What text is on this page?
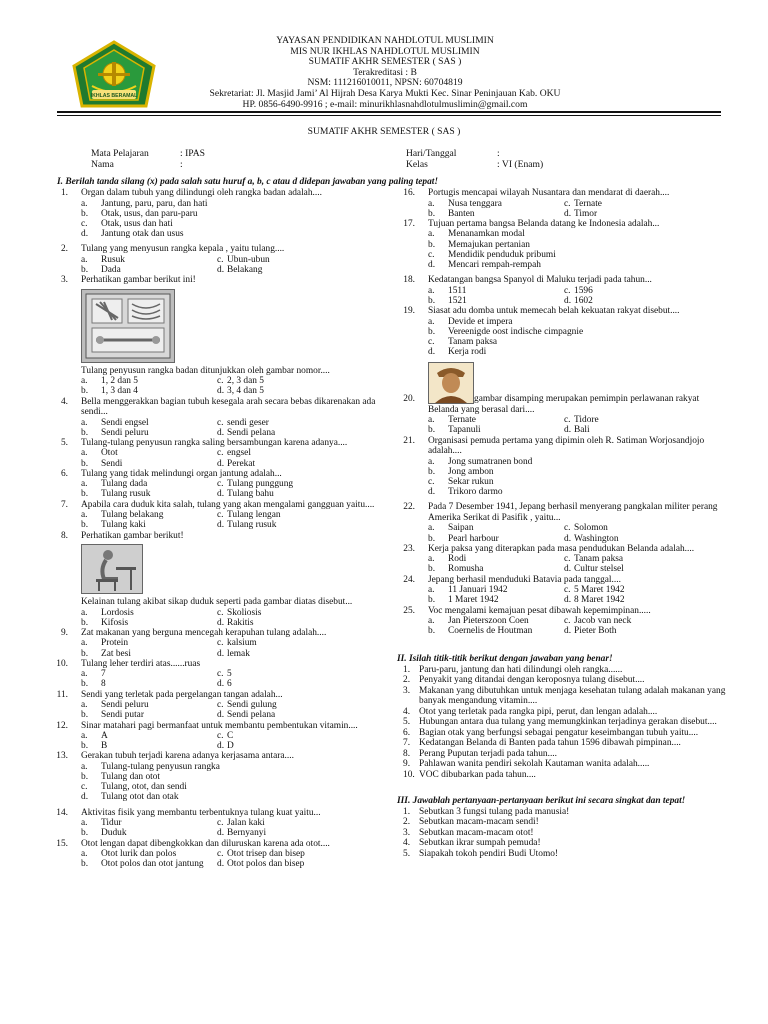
IKHLAS BERAMAL
YAYASAN PENDIDIKAN NAHDLOTUL MUSLIMIN
MIS NUR IKHLAS NAHDLOTUL MUSLIMIN
SUMATIF AKHR SEMESTER ( SAS )
Terakreditasi : B
NSM: 111216010011, NPSN: 60704819
Sekretariat: Jl. Masjid Jami’ Al Hijrah Desa Karya Mukti Kec. Sinar Peninjauan Kab. OKU
HP. 0856-6490-9916 ; e-mail: minurikhlasnahdlotulmuslimin@gmail.com
SUMATIF AKHR SEMESTER ( SAS )
Mata Pelajaran	: IPAS
Nama	:
Hari/Tanggal	:
Kelas	: VI (Enam)
I. Berilah tanda silang (x) pada salah satu huruf a, b, c atau d didepan jawaban yang paling tepat!
1. Organ dalam tubuh yang dilindungi oleh rangka badan adalah....
a. Jantung, paru, paru, dan hati
b. Otak, usus, dan paru-paru
c. Otak, usus dan hati
d. Jantung otak dan usus
2. Tulang yang menyusun rangka kepala , yaitu tulang....
a. Rusuk	c. Ubun-ubun
b. Dada	d. Belakang
3. Perhatikan gambar berikut ini!
Tulang penyusun rangka badan ditunjukkan oleh gambar nomor....
a. 1, 2 dan 5	c. 2, 3 dan 5
b. 1, 3 dan 4	d. 3, 4 dan 5
4. Bella menggerakkan bagian tubuh kesegala arah secara bebas dikarenakan ada sendi...
a. Sendi engsel	c. sendi geser
b. Sendi peluru	d. Sendi pelana
5. Tulang-tulang penyusun rangka saling bersambungan karena adanya....
a. Otot	c. engsel
b. Sendi	d. Perekat
6. Tulang yang tidak melindungi organ jantung adalah...
a. Tulang dada	c. Tulang punggung
b. Tulang rusuk	d. Tulang bahu
7. Apabila cara duduk kita salah, tulang yang akan mengalami gangguan yaitu....
a. Tulang belakang	c. Tulang lengan
b. Tulang kaki	d. Tulang rusuk
8. Perhatikan gambar berikut!
Kelainan tulang akibat sikap duduk seperti pada gambar diatas disebut...
a. Lordosis	c. Skoliosis
b. Kifosis	d. Rakitis
9. Zat makanan yang berguna mencegah kerapuhan tulang adalah....
a. Protein	c. kalsium
b. Zat besi	d. lemak
10. Tulang leher terdiri atas......ruas
a. 7	c. 5
b. 8	d. 6
11. Sendi yang terletak pada pergelangan tangan adalah...
a. Sendi peluru	c. Sendi gulung
b. Sendi putar	d. Sendi pelana
12. Sinar matahari pagi bermanfaat untuk membantu pembentukan vitamin....
a. A	c. C
b. B	d. D
13. Gerakan tubuh terjadi karena adanya kerjasama antara....
a. Tulang-tulang penyusun rangka
b. Tulang dan otot
c. Tulang, otot, dan sendi
d. Tulang otot dan otak
14. Aktivitas fisik yang membantu terbentuknya tulang kuat yaitu...
a. Tidur	c. Jalan kaki
b. Duduk	d. Bernyanyi
15. Otot lengan dapat dibengkokkan dan diluruskan karena ada otot....
a. Otot lurik dan polos	c. Otot trisep dan bisep
b. Otot polos dan otot jantung d. Otot polos dan bisep
16. Portugis mencapai wilayah Nusantara dan mendarat di daerah....
a. Nusa tenggara	c. Ternate
b. Banten	d. Timor
17. Tujuan pertama bangsa Belanda datang ke Indonesia adalah...
a. Menanamkan modal
b. Memajukan pertanian
c. Mendidik penduduk pribumi
d. Mencari rempah-rempah
18. Kedatangan bangsa Spanyol di Maluku terjadi pada tahun...
a. 1511	c. 1596
b. 1521	d. 1602
19. Siasat adu domba untuk memecah belah kekuatan rakyat disebut....
a. Devide et impera
b. Vereenigde oost indische cimpagnie
c. Tanam paksa
d. Kerja rodi
20.	gambar disamping merupakan pemimpin perlawanan rakyat Belanda yang berasal dari....
a. Ternate	c. Tidore
b. Tapanuli	d. Bali
21. Organisasi pemuda pertama yang dipimin oleh R. Satiman Worjosandjojo adalah....
a. Jong sumatranen bond
b. Jong ambon
c. Sekar rukun
d. Trikoro darmo
22. Pada 7 Desember 1941, Jepang berhasil menyerang pangkalan militer perang Amerika Serikat di Pasifik , yaitu...
a. Saipan	c. Solomon
b. Pearl harbour	d. Washington
23. Kerja paksa yang diterapkan pada masa pendudukan Belanda adalah....
a. Rodi	c. Tanam paksa
b. Romusha	d. Cultur stelsel
24. Jepang berhasil menduduki Batavia pada tanggal....
a. 11 Januari 1942	c. 5 Maret 1942
b. 1 Maret 1942	d. 8 Maret 1942
25. Voc mengalami kemajuan pesat dibawah kepemimpinan.....
a. Jan Pieterszoon Coen	c. Jacob van neck
b. Coernelis de Houtman	d. Pieter Both
II. Isilah titik-titik berikut dengan jawaban yang benar!
1. Paru-paru, jantung dan hati dilindungi oleh rangka......
2. Penyakit yang ditandai dengan keroposnya tulang disebut....
3. Makanan yang dibutuhkan untuk menjaga kesehatan tulang adalah makanan yang banyak mengandung vitamin....
4. Otot yang terletak pada rangka pipi, perut, dan lengan adalah....
5. Hubungan antara dua tulang yang memungkinkan terjadinya gerakan disebut....
6. Bagian otak yang berfungsi sebagai pengatur keseimbangan tubuh yaitu....
7. Kedatangan Belanda di Banten pada tahun 1596 dibawah pimpinan....
8. Perang Puputan terjadi pada tahun....
9. Pahlawan wanita pendiri sekolah Kautaman wanita adalah.....
10. VOC dibubarkan pada tahun....
III. Jawablah pertanyaan-pertanyaan berikut ini secara singkat dan tepat!
1. Sebutkan 3 fungsi tulang pada manusia!
2. Sebutkan macam-macam sendi!
3. Sebutkan macam-macam otot!
4. Sebutkan ikrar sumpah pemuda!
5. Siapakah tokoh pendiri Budi Utomo!
